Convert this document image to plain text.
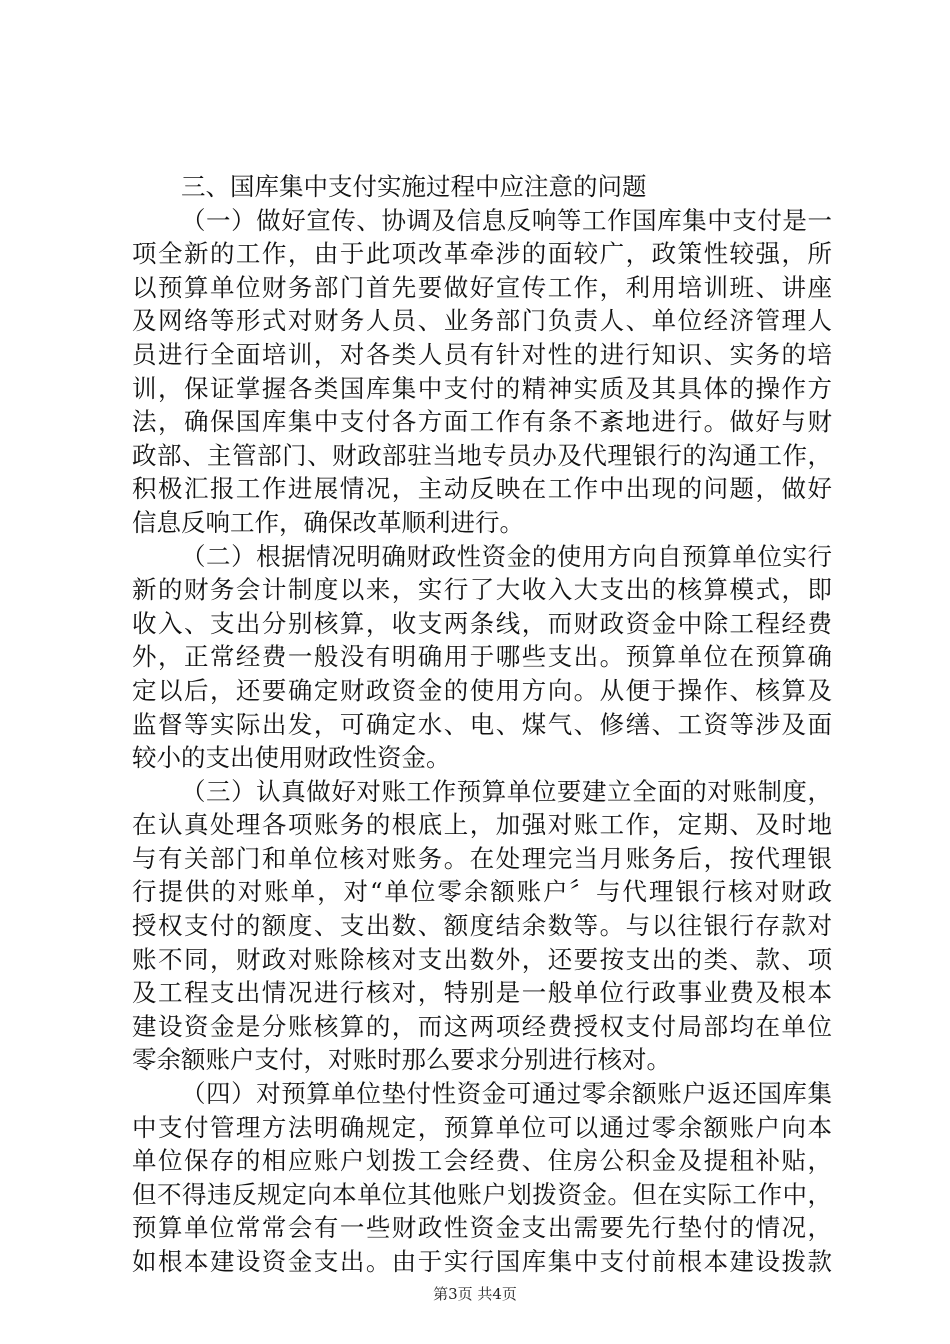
三、国库集中支付实施过程中应注意的问题
（一）做好宣传、协调及信息反响等工作国库集中支付是一
项全新的工作，由于此项改革牵涉的面较广，政策性较强，所
以预算单位财务部门首先要做好宣传工作，利用培训班、讲座
及网络等形式对财务人员、业务部门负责人、单位经济管理人
员进行全面培训，对各类人员有针对性的进行知识、实务的培
训，保证掌握各类国库集中支付的精神实质及其具体的操作方
法，确保国库集中支付各方面工作有条不紊地进行。做好与财
政部、主管部门、财政部驻当地专员办及代理银行的沟通工作，
积极汇报工作进展情况，主动反映在工作中出现的问题，做好
信息反响工作，确保改革顺利进行。
（二）根据情况明确财政性资金的使用方向自预算单位实行
新的财务会计制度以来，实行了大收入大支出的核算模式，即
收入、支出分别核算，收支两条线，而财政资金中除工程经费
外，正常经费一般没有明确用于哪些支出。预算单位在预算确
定以后，还要确定财政资金的使用方向。从便于操作、核算及
监督等实际出发，可确定水、电、煤气、修缮、工资等涉及面
较小的支出使用财政性资金。
（三）认真做好对账工作预算单位要建立全面的对账制度，
在认真处理各项账务的根底上，加强对账工作，定期、及时地
与有关部门和单位核对账务。在处理完当月账务后，按代理银
行提供的对账单，对“单位零余额账户〞与代理银行核对财政
授权支付的额度、支出数、额度结余数等。与以往银行存款对
账不同，财政对账除核对支出数外，还要按支出的类、款、项
及工程支出情况进行核对，特别是一般单位行政事业费及根本
建设资金是分账核算的，而这两项经费授权支付局部均在单位
零余额账户支付，对账时那么要求分别进行核对。
（四）对预算单位垫付性资金可通过零余额账户返还国库集
中支付管理方法明确规定，预算单位可以通过零余额账户向本
单位保存的相应账户划拨工会经费、住房公积金及提租补贴，
但不得违反规定向本单位其他账户划拨资金。但在实际工作中，
预算单位常常会有一些财政性资金支出需要先行垫付的情况，
如根本建设资金支出。由于实行国库集中支付前根本建设拨款
第3页 共4页
